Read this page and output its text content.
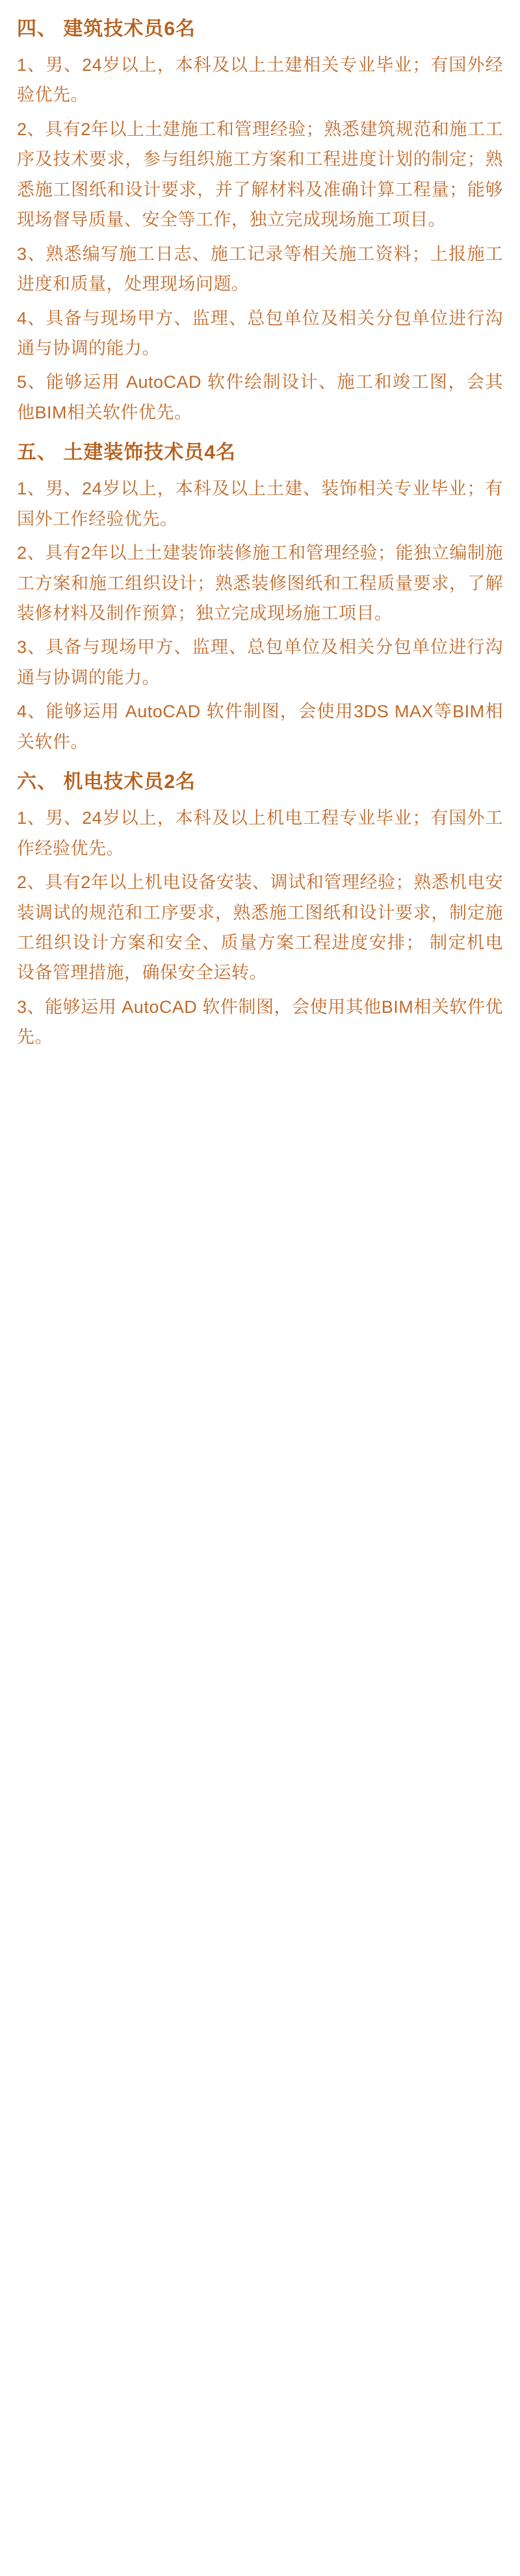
四、 建筑技术员6名

1、男、24岁以上，本科及以上土建相关专业毕业；有国外经验优先。

2、具有2年以上土建施工和管理经验；熟悉建筑规范和施工工序及技术要求，参与组织施工方案和工程进度计划的制定；熟悉施工图纸和设计要求，并了解材料及准确计算工程量；能够现场督导质量、安全等工作，独立完成现场施工项目。

3、熟悉编写施工日志、施工记录等相关施工资料；上报施工进度和质量，处理现场问题。

4、具备与现场甲方、监理、总包单位及相关分包单位进行沟通与协调的能力。

5、能够运用 AutoCAD 软件绘制设计、施工和竣工图，会其他BIM相关软件优先。

五、 土建装饰技术员4名

1、男、24岁以上，本科及以上土建、装饰相关专业毕业；有国外工作经验优先。

2、具有2年以上土建装饰装修施工和管理经验；能独立编制施工方案和施工组织设计；熟悉装修图纸和工程质量要求，了解装修材料及制作预算；独立完成现场施工项目。

3、具备与现场甲方、监理、总包单位及相关分包单位进行沟通与协调的能力。

4、能够运用 AutoCAD 软件制图，会使用3DS MAX等BIM相关软件。

六、 机电技术员2名

1、男、24岁以上，本科及以上机电工程专业毕业；有国外工作经验优先。

2、具有2年以上机电设备安装、调试和管理经验；熟悉机电安装调试的规范和工序要求，熟悉施工图纸和设计要求，制定施工组织设计方案和安全、质量方案工程进度安排； 制定机电设备管理措施，确保安全运转。

3、能够运用 AutoCAD 软件制图，会使用其他BIM相关软件优先。
